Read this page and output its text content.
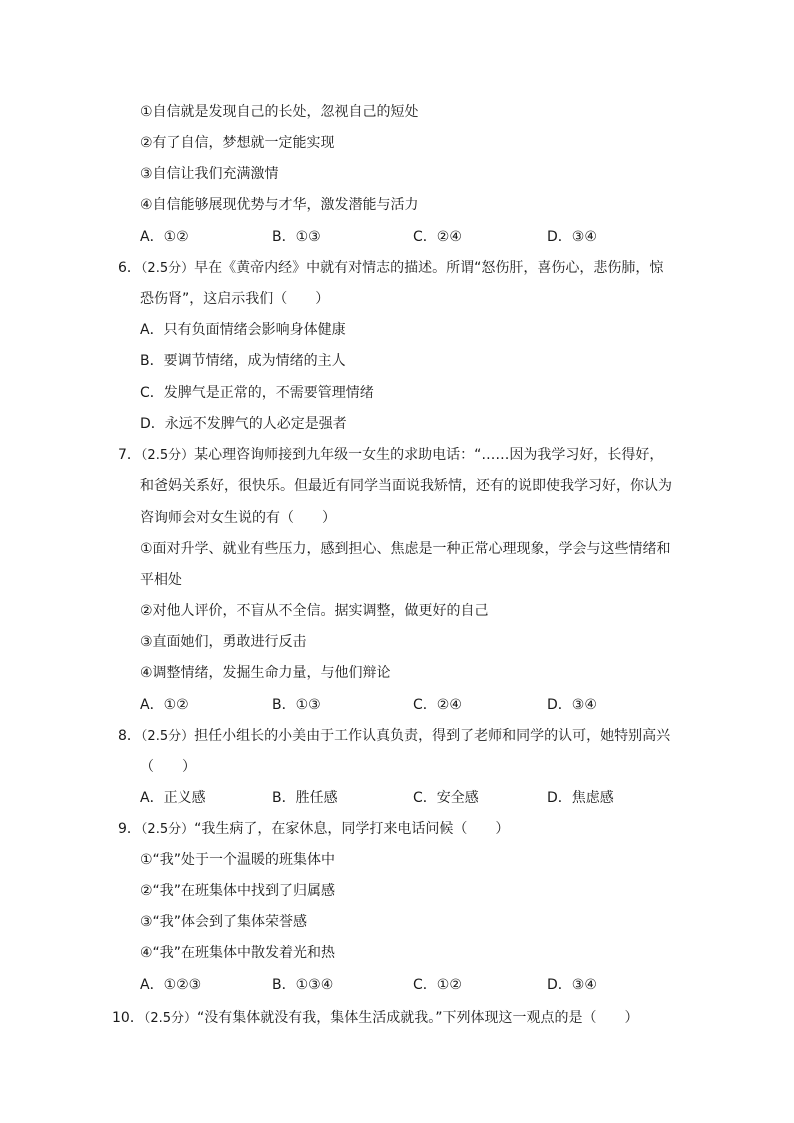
①自信就是发现自己的长处，忽视自己的短处
②有了自信，梦想就一定能实现
③自信让我们充满激情
④自信能够展现优势与才华，激发潜能与活力
A．①②	B．①③	C．②④	D．③④
6．（2.5分）早在《黄帝内经》中就有对情志的描述。所谓“怒伤肝，喜伤心，悲伤肺，惊
恐伤肾”，这启示我们（　　）
A．只有负面情绪会影响身体健康
B．要调节情绪，成为情绪的主人
C．发脾气是正常的，不需要管理情绪
D．永远不发脾气的人必定是强者
7．（2.5分）某心理咨询师接到九年级一女生的求助电话：“……因为我学习好，长得好，
和爸妈关系好，很快乐。但最近有同学当面说我矫情，还有的说即使我学习好，你认为
咨询师会对女生说的有（　　）
①面对升学、就业有些压力，感到担心、焦虑是一种正常心理现象，学会与这些情绪和
平相处
②对他人评价，不盲从不全信。据实调整，做更好的自己
③直面她们，勇敢进行反击
④调整情绪，发掘生命力量，与他们辩论
A．①②	B．①③	C．②④	D．③④
8．（2.5分）担任小组长的小美由于工作认真负责，得到了老师和同学的认可，她特别高兴
（　　）
A．正义感	B．胜任感	C．安全感	D．焦虑感
9．（2.5分）“我生病了，在家休息，同学打来电话问候（　　）
①“我”处于一个温暖的班集体中
②“我”在班集体中找到了归属感
③“我”体会到了集体荣誉感
④“我”在班集体中散发着光和热
A．①②③	B．①③④	C．①②	D．③④
10．（2.5分）“没有集体就没有我，集体生活成就我。”下列体现这一观点的是（　　）
